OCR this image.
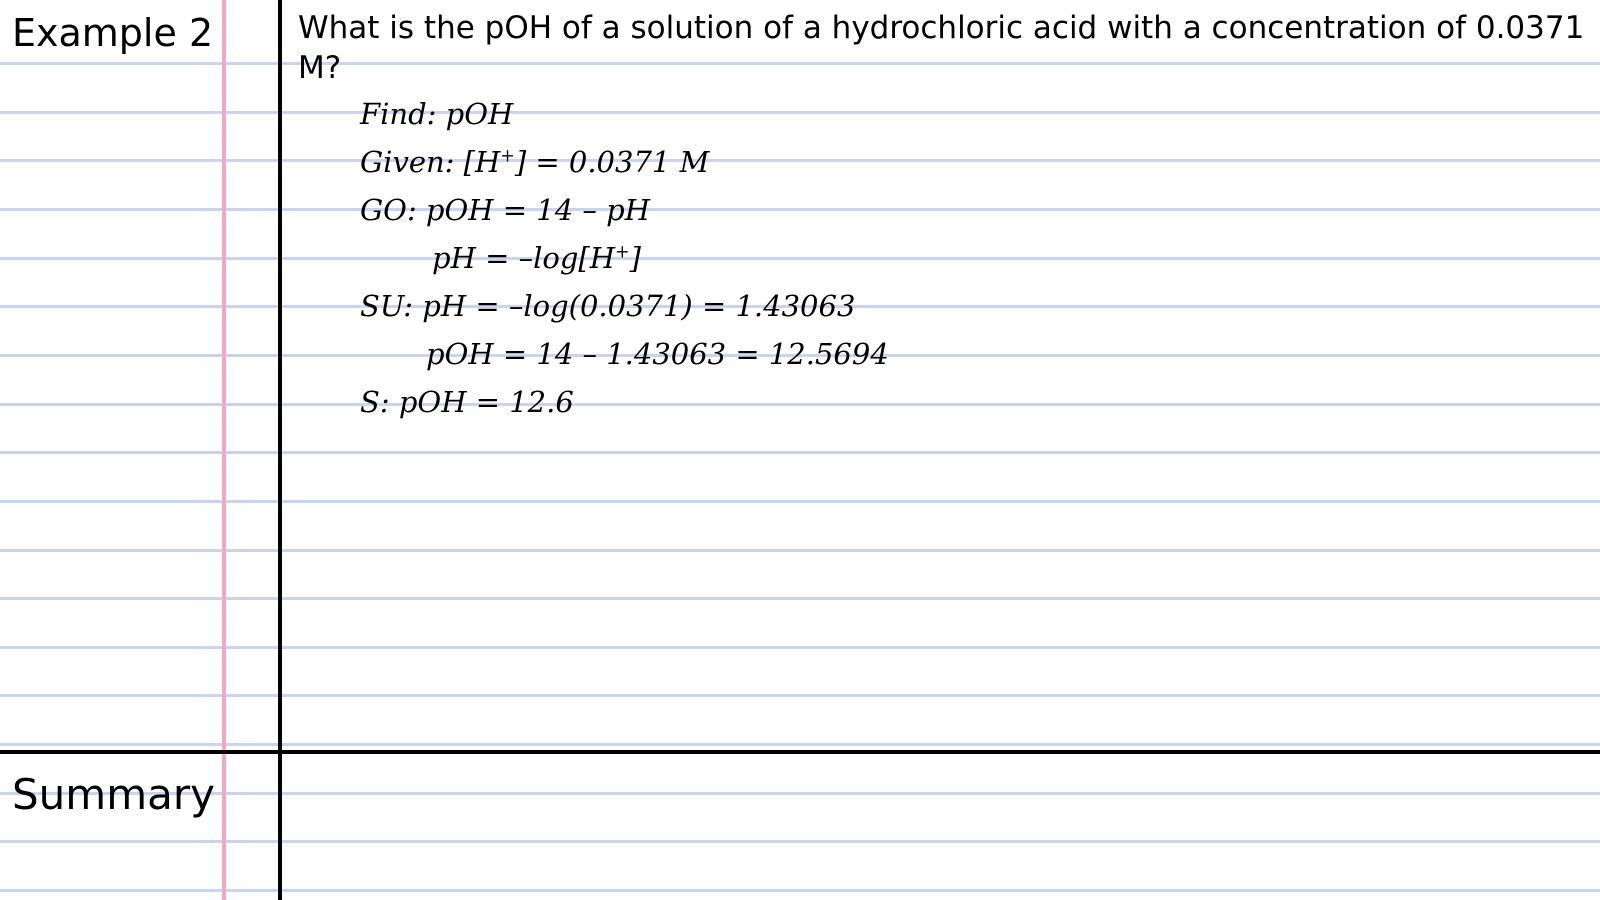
Example 2
Summary

What is the pOH of a solution of a hydrochloric acid with a concentration of 0.0371 M?

Find: pOH

Given: [H+] = 0.0371 M

GO: pOH = 14 – pH

pH = –log[H+]

SU: pH = –log(0.0371) = 1.43063

pOH = 14 – 1.43063 = 12.5694

S: pOH = 12.6
